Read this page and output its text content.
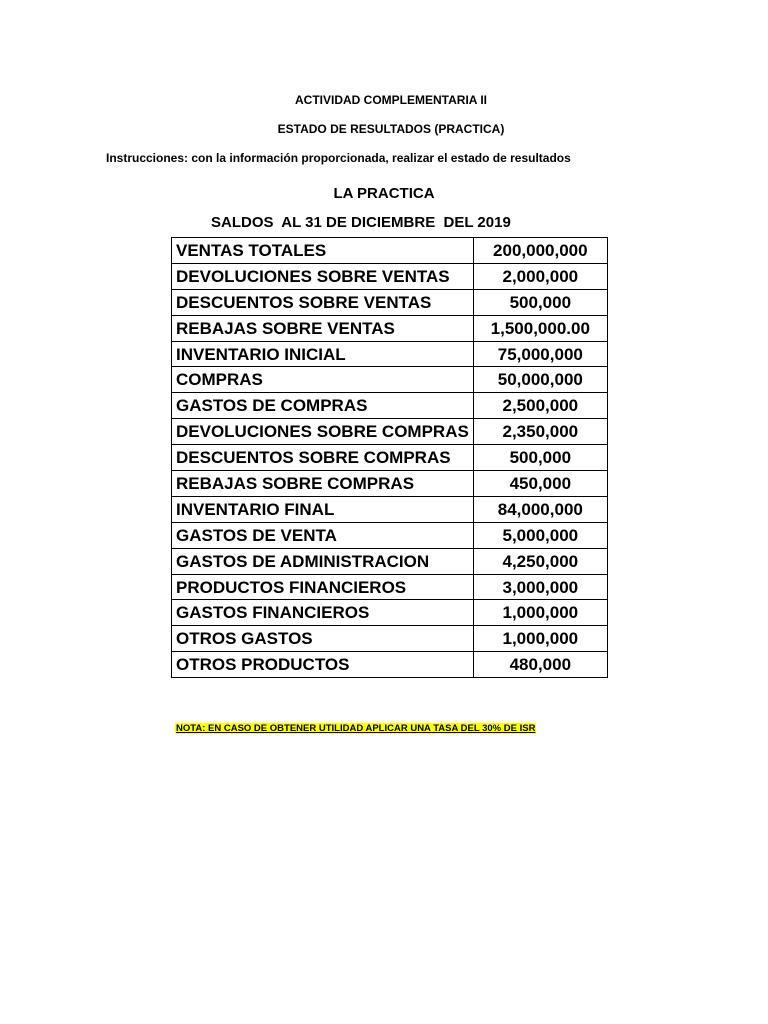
ACTIVIDAD COMPLEMENTARIA II
ESTADO DE RESULTADOS (PRACTICA)
Instrucciones: con la información proporcionada, realizar el estado de resultados
LA PRACTICA
SALDOS  AL 31 DE DICIEMBRE  DEL 2019
VENTAS TOTALES	200,000,000
DEVOLUCIONES SOBRE VENTAS	2,000,000
DESCUENTOS SOBRE VENTAS	500,000
REBAJAS SOBRE VENTAS	1,500,000.00
INVENTARIO INICIAL	75,000,000
COMPRAS	50,000,000
GASTOS DE COMPRAS	2,500,000
DEVOLUCIONES SOBRE COMPRAS	2,350,000
DESCUENTOS SOBRE COMPRAS	500,000
REBAJAS SOBRE COMPRAS	450,000
INVENTARIO FINAL	84,000,000
GASTOS DE VENTA	5,000,000
GASTOS DE ADMINISTRACION	4,250,000
PRODUCTOS FINANCIEROS	3,000,000
GASTOS FINANCIEROS	1,000,000
OTROS GASTOS	1,000,000
OTROS PRODUCTOS	480,000
NOTA: EN CASO DE OBTENER UTILIDAD APLICAR UNA TASA DEL 30% DE ISR
